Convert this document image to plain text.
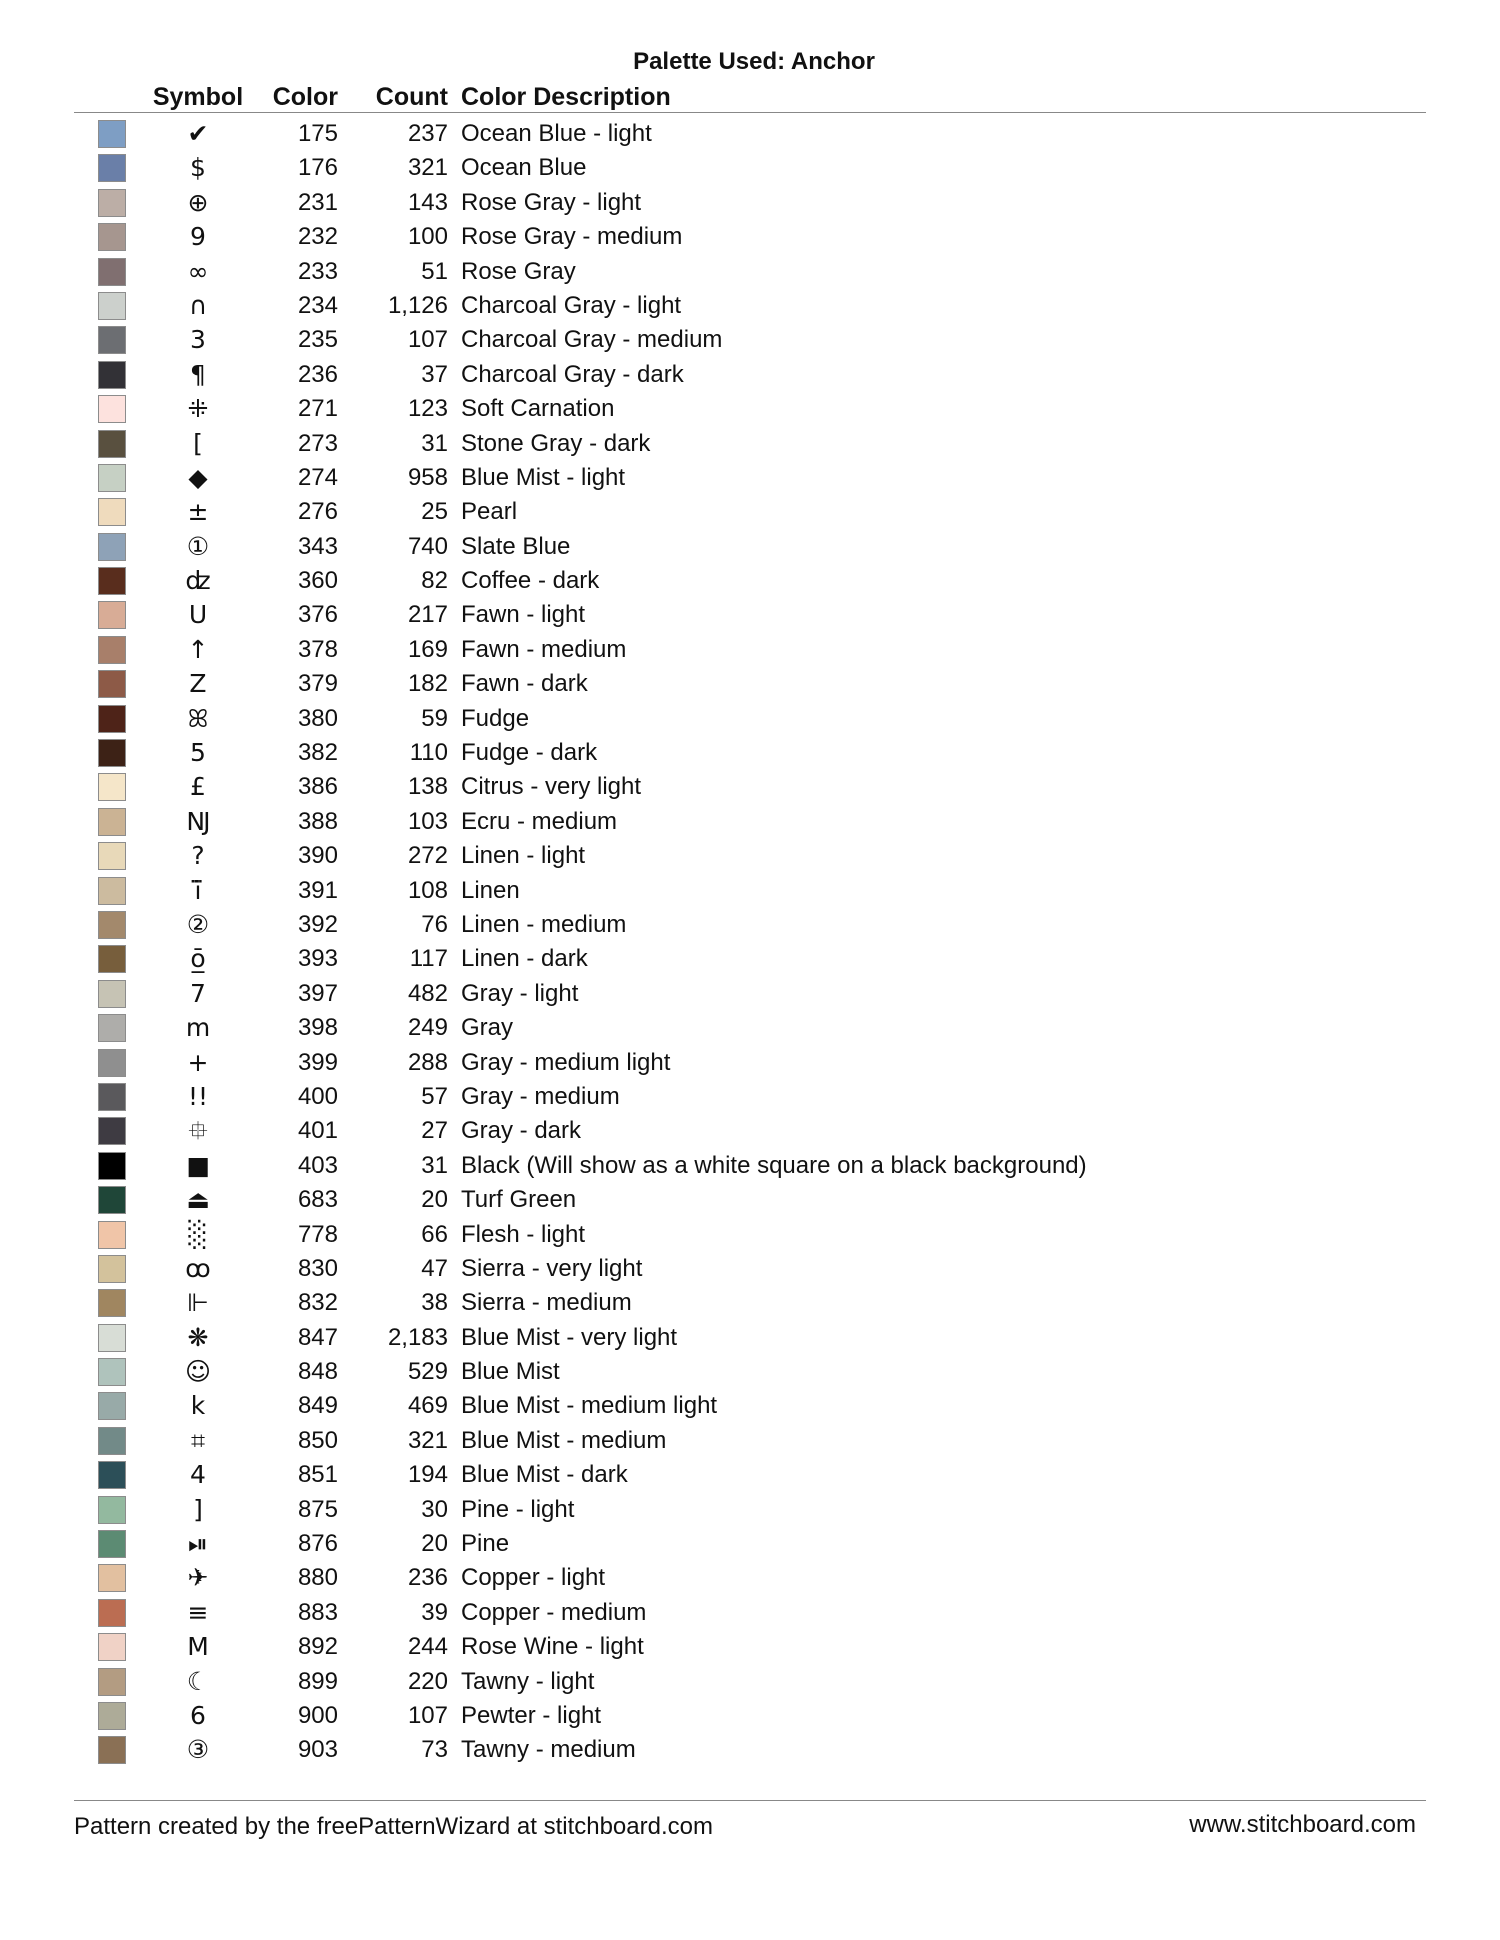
Palette Used: Anchor
Symbol Color	Count Color Description
✔	175	237 Ocean Blue - light
$	176	321 Ocean Blue
⊕	231	143 Rose Gray - light
9	232	100 Rose Gray - medium
∞	233	51 Rose Gray
∩	234	1,126 Charcoal Gray - light
3	235	107 Charcoal Gray - medium
¶	236	37 Charcoal Gray - dark
⁜	271	123 Soft Carnation
[	273	31 Stone Gray - dark
◆	274	958 Blue Mist - light
±	276	25 Pearl
①	343	740 Slate Blue
ʣ	360	82 Coffee - dark
U	376	217 Fawn - light
↑	378	169 Fawn - medium
Z	379	182 Fawn - dark
ꕤ	380	59 Fudge
5	382	110 Fudge - dark
£	386	138 Citrus - very light
Ǌ	388	103 Ecru - medium
?	390	272 Linen - light
ï̈	391	108 Linen
②	392	76 Linen - medium
ō̲	393	117 Linen - dark
7	397	482 Gray - light
m	398	249 Gray
+	399	288 Gray - medium light
!!	400	57 Gray - medium
⯐	401	27 Gray - dark
■	403	31 Black (Will show as a white square on a black background)
⏏	683	20 Turf Green
░	778	66 Flesh - light
ꚙ	830	47 Sierra - very light
⊩	832	38 Sierra - medium
❋	847	2,183 Blue Mist - very light
☺	848	529 Blue Mist
k	849	469 Blue Mist - medium light
⌗	850	321 Blue Mist - medium
4	851	194 Blue Mist - dark
]	875	30 Pine - light
⏯	876	20 Pine
✈	880	236 Copper - light
≡	883	39 Copper - medium
M	892	244 Rose Wine - light
☾	899	220 Tawny - light
6	900	107 Pewter - light
③	903	73 Tawny - medium
Pattern created by the freePatternWizard at stitchboard.com	www.stitchboard.com
